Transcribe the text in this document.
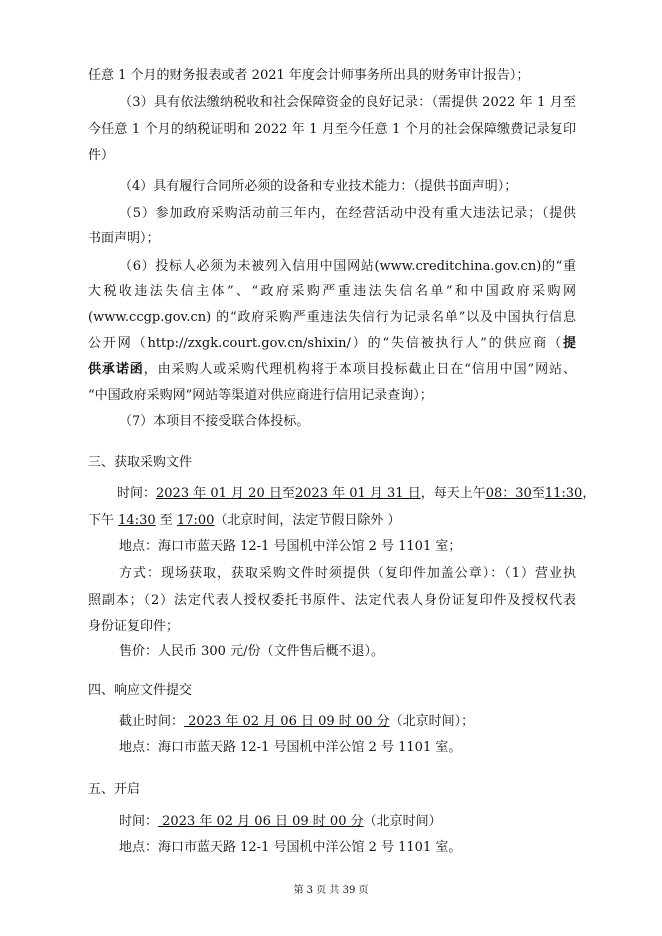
任意 1 个月的财务报表或者 2021 年度会计师事务所出具的财务审计报告）；
（3）具有依法缴纳税收和社会保障资金的良好记录：（需提供 2022 年 1 月至
今任意 1 个月的纳税证明和 2022 年 1 月至今任意 1 个月的社会保障缴费记录复印
件）
（4）具有履行合同所必须的设备和专业技术能力：（提供书面声明）；
（5）参加政府采购活动前三年内，在经营活动中没有重大违法记录；（提供
书面声明）；
（6）投标人必须为未被列入信用中国网站(www.creditchina.gov.cn)的“重
大税收违法失信主体”、“政府采购严重违法失信名单”和中国政府采购网
(www.ccgp.gov.cn) 的“政府采购严重违法失信行为记录名单”以及中国执行信息
公开网（http://zxgk.court.gov.cn/shixin/）的“失信被执行人”的供应商（提
供承诺函，由采购人或采购代理机构将于本项目投标截止日在“信用中国”网站、
“中国政府采购网”网站等渠道对供应商进行信用记录查询）；
（7）本项目不接受联合体投标。
三、获取采购文件
时间：2023 年 01 月 20 日至2023 年 01 月 31 日，每天上午08：30至11:30，
下午 14:30 至 17:00（北京时间，法定节假日除外 ）
地点：海口市蓝天路 12-1 号国机中洋公馆 2 号 1101 室；
方式：现场获取，获取采购文件时须提供（复印件加盖公章）：（1）营业执
照副本；（2）法定代表人授权委托书原件、法定代表人身份证复印件及授权代表
身份证复印件；
售价：人民币 300 元/份（文件售后概不退）。
四、响应文件提交
截止时间： 2023 年 02 月 06 日 09 时 00 分（北京时间）；
地点：海口市蓝天路 12-1 号国机中洋公馆 2 号 1101 室。
五、开启
时间： 2023 年 02 月 06 日 09 时 00 分（北京时间）
地点：海口市蓝天路 12-1 号国机中洋公馆 2 号 1101 室。
第 3 页 共 39 页
